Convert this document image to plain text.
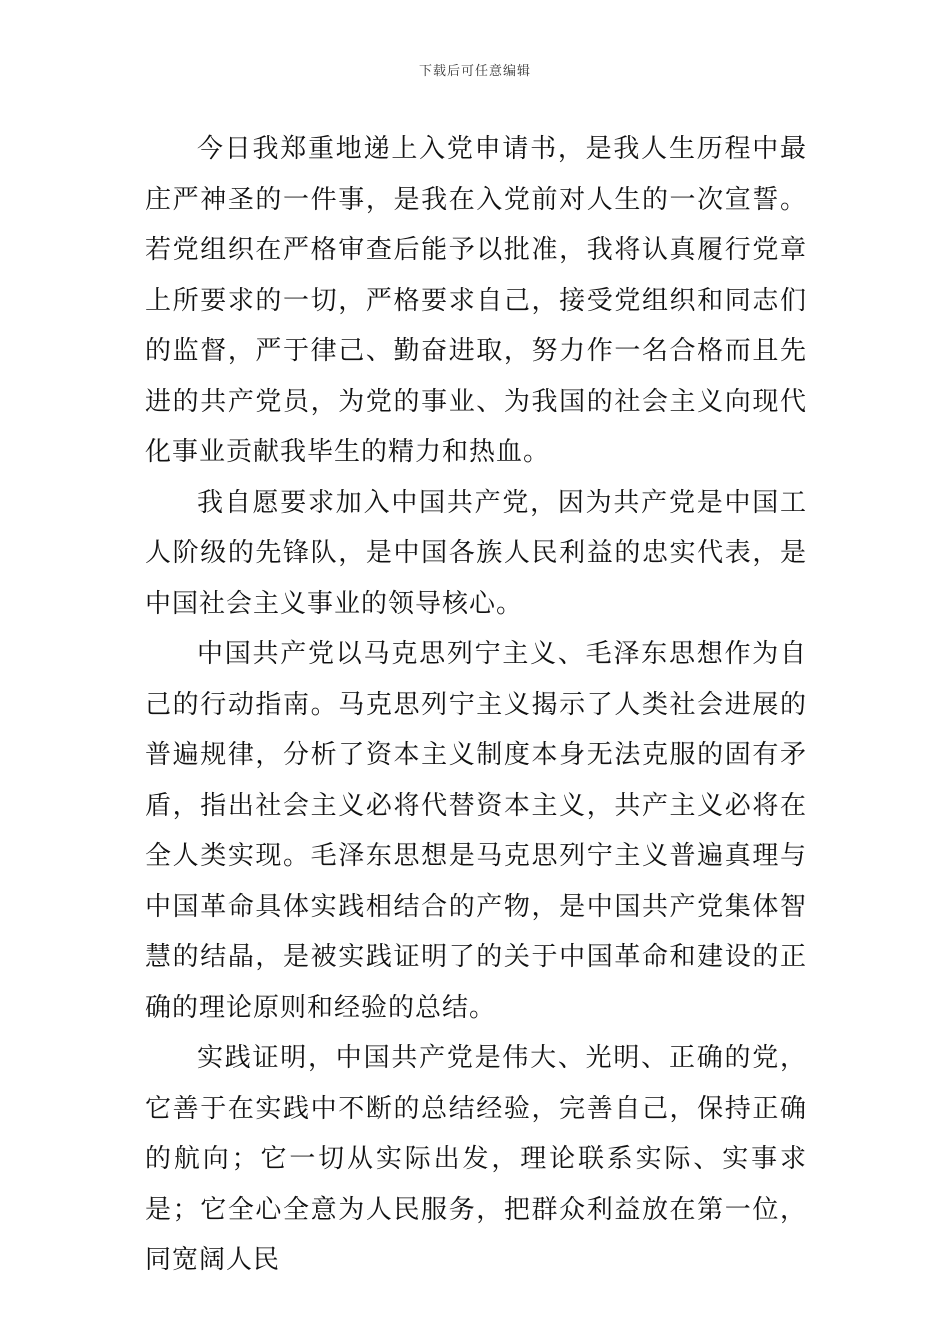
下载后可任意编辑

今日我郑重地递上入党申请书，是我人生历程中最庄严神圣的一件事，是我在入党前对人生的一次宣誓。若党组织在严格审查后能予以批准，我将认真履行党章上所要求的一切，严格要求自己，接受党组织和同志们的监督，严于律己、勤奋进取，努力作一名合格而且先进的共产党员，为党的事业、为我国的社会主义向现代化事业贡献我毕生的精力和热血。

我自愿要求加入中国共产党，因为共产党是中国工人阶级的先锋队，是中国各族人民利益的忠实代表，是中国社会主义事业的领导核心。

中国共产党以马克思列宁主义、毛泽东思想作为自己的行动指南。马克思列宁主义揭示了人类社会进展的普遍规律，分析了资本主义制度本身无法克服的固有矛盾，指出社会主义必将代替资本主义，共产主义必将在全人类实现。毛泽东思想是马克思列宁主义普遍真理与中国革命具体实践相结合的产物，是中国共产党集体智慧的结晶，是被实践证明了的关于中国革命和建设的正确的理论原则和经验的总结。

实践证明，中国共产党是伟大、光明、正确的党，它善于在实践中不断的总结经验，完善自己，保持正确的航向；它一切从实际出发，理论联系实际、实事求是；它全心全意为人民服务，把群众利益放在第一位，同宽阔人民
